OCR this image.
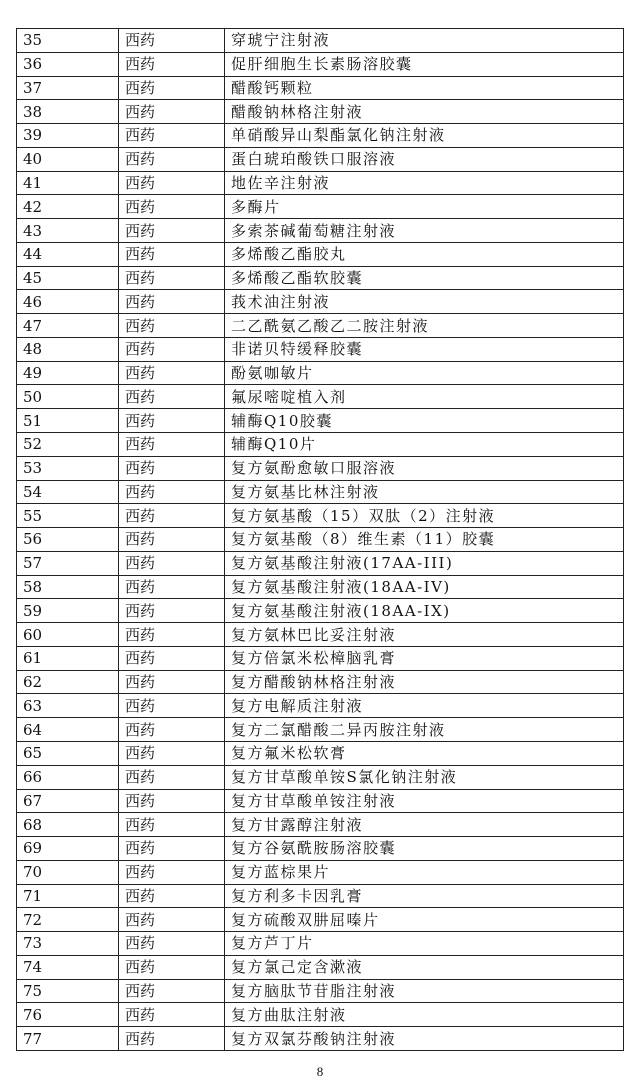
35	西药	穿琥宁注射液
36	西药	促肝细胞生长素肠溶胶囊
37	西药	醋酸钙颗粒
38	西药	醋酸钠林格注射液
39	西药	单硝酸异山梨酯氯化钠注射液
40	西药	蛋白琥珀酸铁口服溶液
41	西药	地佐辛注射液
42	西药	多酶片
43	西药	多索茶碱葡萄糖注射液
44	西药	多烯酸乙酯胶丸
45	西药	多烯酸乙酯软胶囊
46	西药	莪术油注射液
47	西药	二乙酰氨乙酸乙二胺注射液
48	西药	非诺贝特缓释胶囊
49	西药	酚氨咖敏片
50	西药	氟尿嘧啶植入剂
51	西药	辅酶Q10胶囊
52	西药	辅酶Q10片
53	西药	复方氨酚愈敏口服溶液
54	西药	复方氨基比林注射液
55	西药	复方氨基酸（15）双肽（2）注射液
56	西药	复方氨基酸（8）维生素（11）胶囊
57	西药	复方氨基酸注射液(17AA-III)
58	西药	复方氨基酸注射液(18AA-IV)
59	西药	复方氨基酸注射液(18AA-IX)
60	西药	复方氨林巴比妥注射液
61	西药	复方倍氯米松樟脑乳膏
62	西药	复方醋酸钠林格注射液
63	西药	复方电解质注射液
64	西药	复方二氯醋酸二异丙胺注射液
65	西药	复方氟米松软膏
66	西药	复方甘草酸单铵S氯化钠注射液
67	西药	复方甘草酸单铵注射液
68	西药	复方甘露醇注射液
69	西药	复方谷氨酰胺肠溶胶囊
70	西药	复方蓝棕果片
71	西药	复方利多卡因乳膏
72	西药	复方硫酸双肼屈嗪片
73	西药	复方芦丁片
74	西药	复方氯己定含漱液
75	西药	复方脑肽节苷脂注射液
76	西药	复方曲肽注射液
77	西药	复方双氯芬酸钠注射液
8
